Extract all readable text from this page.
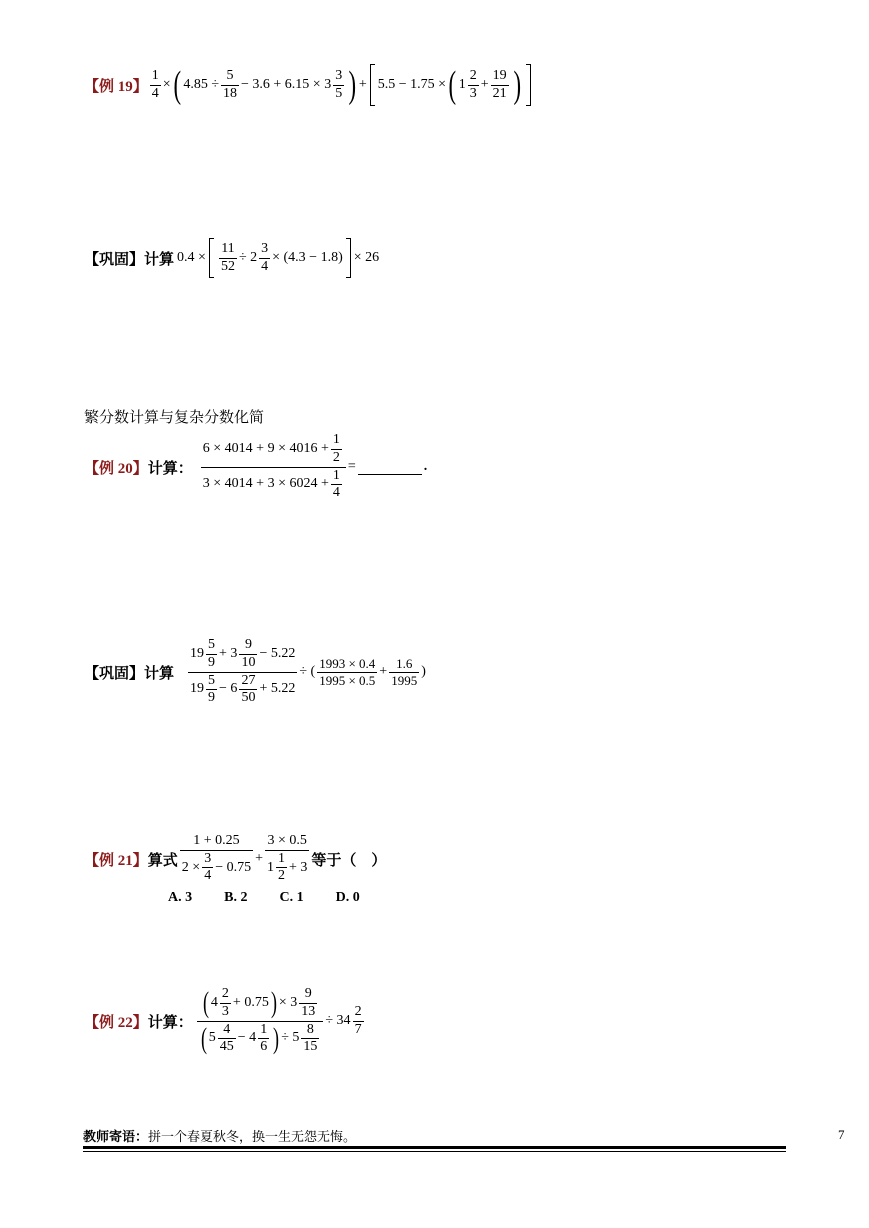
【例 19】 $\frac{1}{4}$ × ( $4.85 \div \frac{5}{18} - 3.6 + 6.15 \times 3 \frac{3}{5}$ ) + 5.5 − 1.75 × ( $1 \frac{2}{3} + \frac{19}{21}$ )
【巩固】 计算 $0.4 \times \frac{11}{52} \div 2 \frac{3}{4} \times (4.3 - 1.8) \times 26$
繁分数计算与复杂分数化简
【例 20】 计算： $\frac{6 \times 4014 + 9 \times 4016 + \frac{1}{2}}{3 \times 4014 + 3 \times 6024 + \frac{1}{4}}$ =	.
【巩固】 计算 $\frac{19 \frac{5}{9} + 3 \frac{9}{10} - 5.22}{19 \frac{5}{9} - 6 \frac{27}{50} + 5.22}$ ÷ ( $\frac{1993 \times 0.4}{1995 \times 0.5} + \frac{1.6}{1995}$ )
【例 21】 算式 $\frac{1 + 0.25}{2 \times \frac{3}{4} - 0.75} + \frac{3 \times 0.5}{1 \frac{1}{2} + 3}$ 等于（　）
A. 3 B. 2 C. 1 D. 0
【例 22】 计算： $\frac{( 4 \frac{2}{3} + 0.75 ) \times 3 \frac{9}{13}}{( 5 \frac{4}{45} - 4 \frac{1}{6} ) \div 5 \frac{8}{15}} \div 34 \frac{2}{7}$
教师寄语：拼一个春夏秋冬，换一生无怨无悔。	7
